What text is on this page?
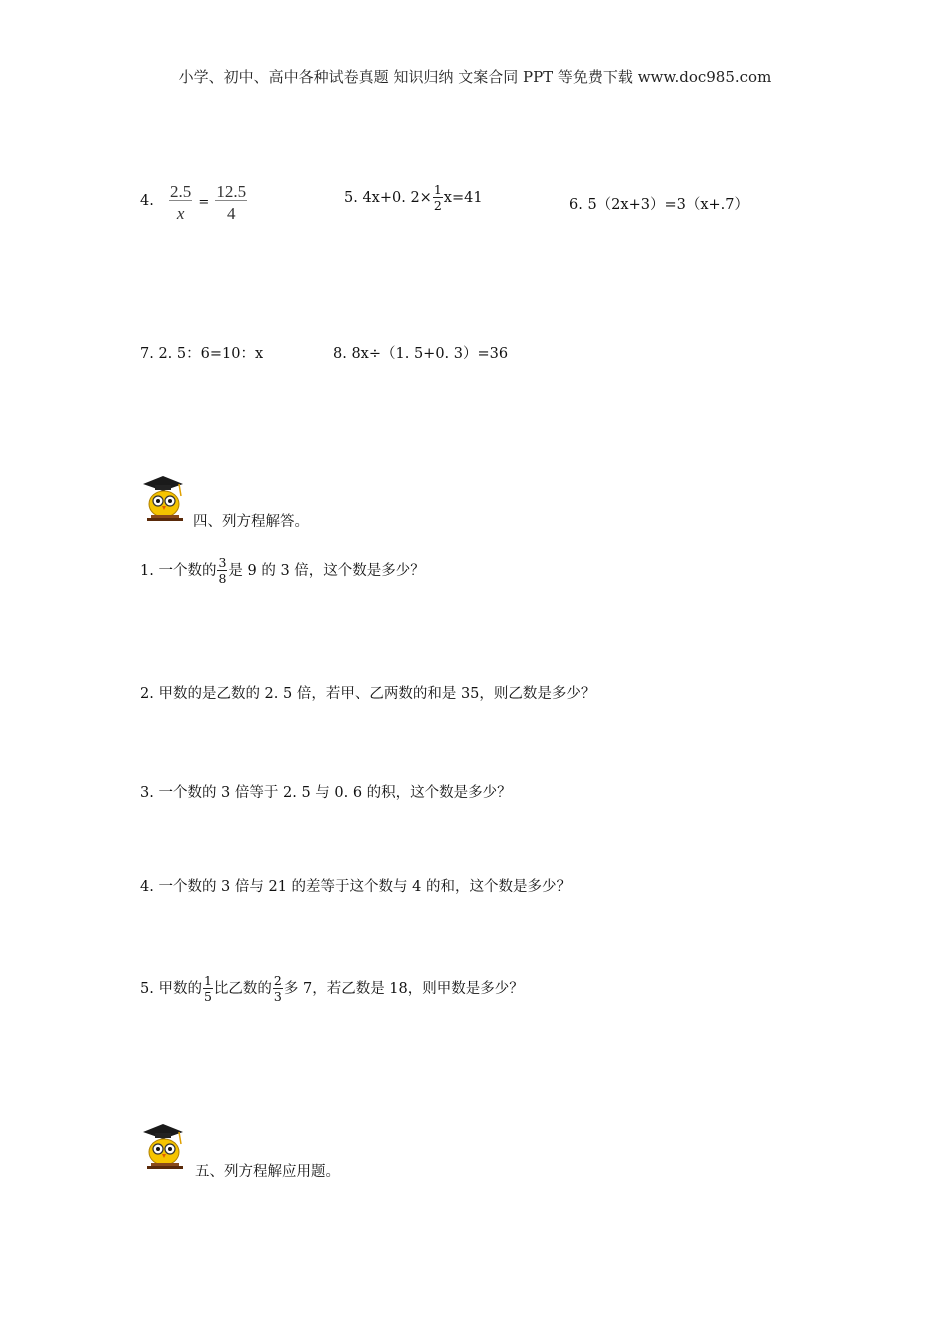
小学、初中、高中各种试卷真题 知识归纳 文案合同 PPT 等免费下载 www.doc985.com
4. $\frac{2.5}{x} = \frac{12.5}{4}$	5. 4x+0. $2\times \frac{1}{2} x=41$	6. 5（2x+3）=3（x+.7）
7. 2. 5：6=10：x	8. 8x÷（1. 5+0. 3）=36
四、列方程解答。
1. 一个数的 $\frac{3}{8}$ 是 9 的 3 倍，这个数是多少？
2. 甲数的是乙数的 2. 5 倍，若甲、乙两数的和是 35，则乙数是多少？
3. 一个数的 3 倍等于 2. 5 与 0. 6 的积，这个数是多少？
4. 一个数的 3 倍与 21 的差等于这个数与 4 的和，这个数是多少？
5. 甲数的 $\frac{1}{5}$ 比乙数的 $\frac{2}{3}$ 多 7，若乙数是 18，则甲数是多少？
五、列方程解应用题。
